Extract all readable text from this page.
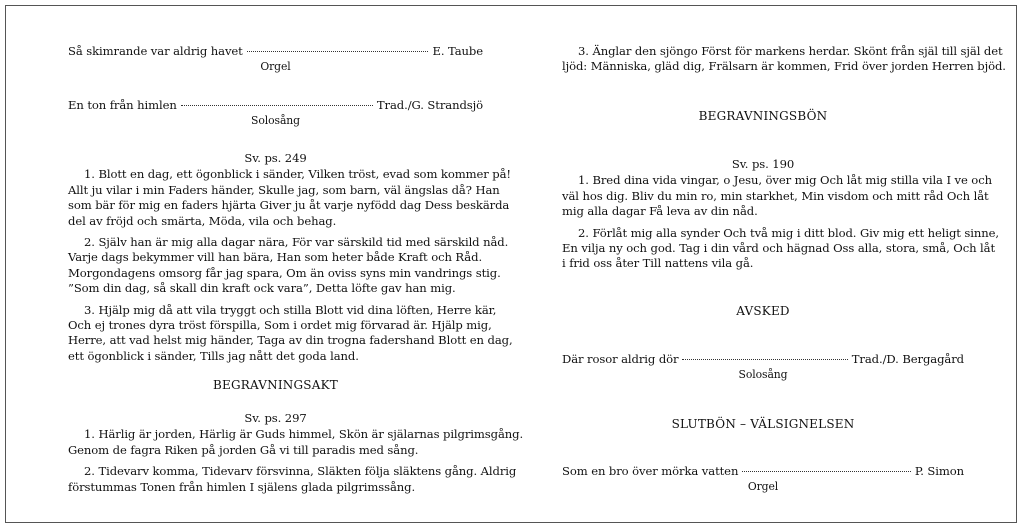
Så skimrande var aldrig havet	E. Taube
Orgel
En ton från himlen	Trad./G. Strandsjö
Solosång
Sv. ps. 249

1. Blott en dag, ett ögonblick i sänder, Vilken tröst, evad som kommer på!
Allt ju vilar i min Faders händer, Skulle jag, som barn, väl ängslas då? Han
som bär för mig en faders hjärta Giver ju åt varje nyfödd dag Dess beskärda
del av fröjd och smärta, Möda, vila och behag.

2. Själv han är mig alla dagar nära, För var särskild tid med särskild nåd.
Varje dags bekymmer vill han bära, Han som heter både Kraft och Råd.
Morgondagens omsorg får jag spara, Om än oviss syns min vandrings stig.
”Som din dag, så skall din kraft ock vara”, Detta löfte gav han mig.

3. Hjälp mig då att vila tryggt och stilla Blott vid dina löften, Herre kär,
Och ej trones dyra tröst förspilla, Som i ordet mig förvarad är. Hjälp mig,
Herre, att vad helst mig händer, Taga av din trogna fadershand Blott en dag,
ett ögonblick i sänder, Tills jag nått det goda land.

BEGRAVNINGSAKT
Sv. ps. 297

1. Härlig är jorden, Härlig är Guds himmel, Skön är själarnas pilgrimsgång.
Genom de fagra Riken på jorden Gå vi till paradis med sång.

2. Tidevarv komma, Tidevarv försvinna, Släkten följa släktens gång. Aldrig
förstummas Tonen från himlen I själens glada pilgrimssång.

3. Änglar den sjöngo Först för markens herdar. Skönt från själ till själ det
ljöd: Människa, gläd dig, Frälsarn är kommen, Frid över jorden Herren bjöd.

BEGRAVNINGSBÖN
Sv. ps. 190

1. Bred dina vida vingar, o Jesu, över mig Och låt mig stilla vila I ve och
väl hos dig. Bliv du min ro, min starkhet, Min visdom och mitt råd Och låt
mig alla dagar Få leva av din nåd.

2. Förlåt mig alla synder Och två mig i ditt blod. Giv mig ett heligt sinne,
En vilja ny och god. Tag i din vård och hägnad Oss alla, stora, små, Och låt
i frid oss åter Till nattens vila gå.

AVSKED
Där rosor aldrig dör	Trad./D. Bergagård
Solosång
SLUTBÖN – VÄLSIGNELSEN
Som en bro över mörka vatten	P. Simon
Orgel
